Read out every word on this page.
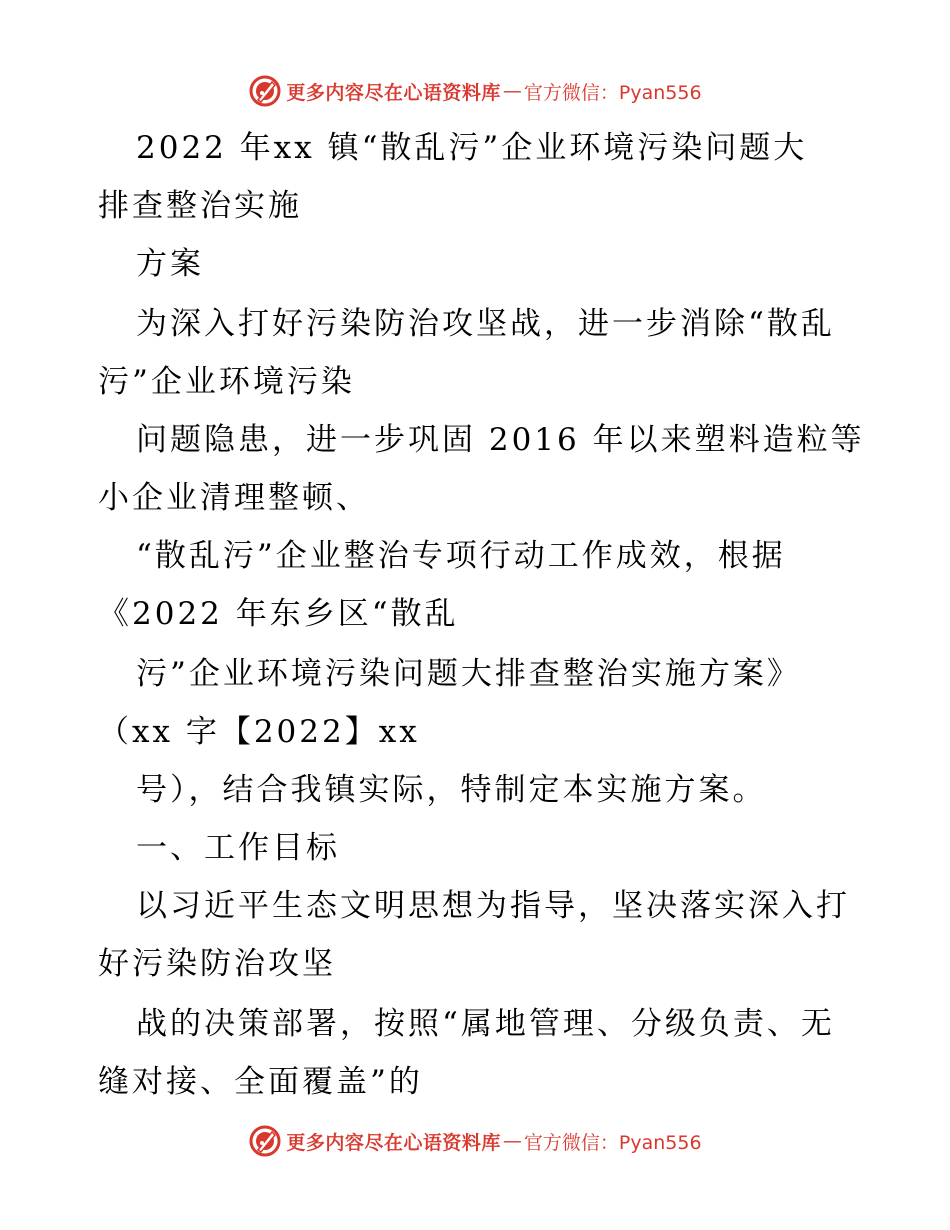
更多内容尽在心语资料库 — 官方微信：Pyan556
2022 年xx 镇“散乱污”企业环境污染问题大
排查整治实施
方案
为深入打好污染防治攻坚战，进一步消除“散乱
污”企业环境污染
问题隐患，进一步巩固 2016 年以来塑料造粒等
小企业清理整顿、
“散乱污”企业整治专项行动工作成效，根据
《2022 年东乡区“散乱
污”企业环境污染问题大排查整治实施方案》
（xx 字【2022】xx
号），结合我镇实际，特制定本实施方案。
一、工作目标
以习近平生态文明思想为指导，坚决落实深入打
好污染防治攻坚
战的决策部署，按照“属地管理、分级负责、无
缝对接、全面覆盖”的
更多内容尽在心语资料库 — 官方微信：Pyan556
